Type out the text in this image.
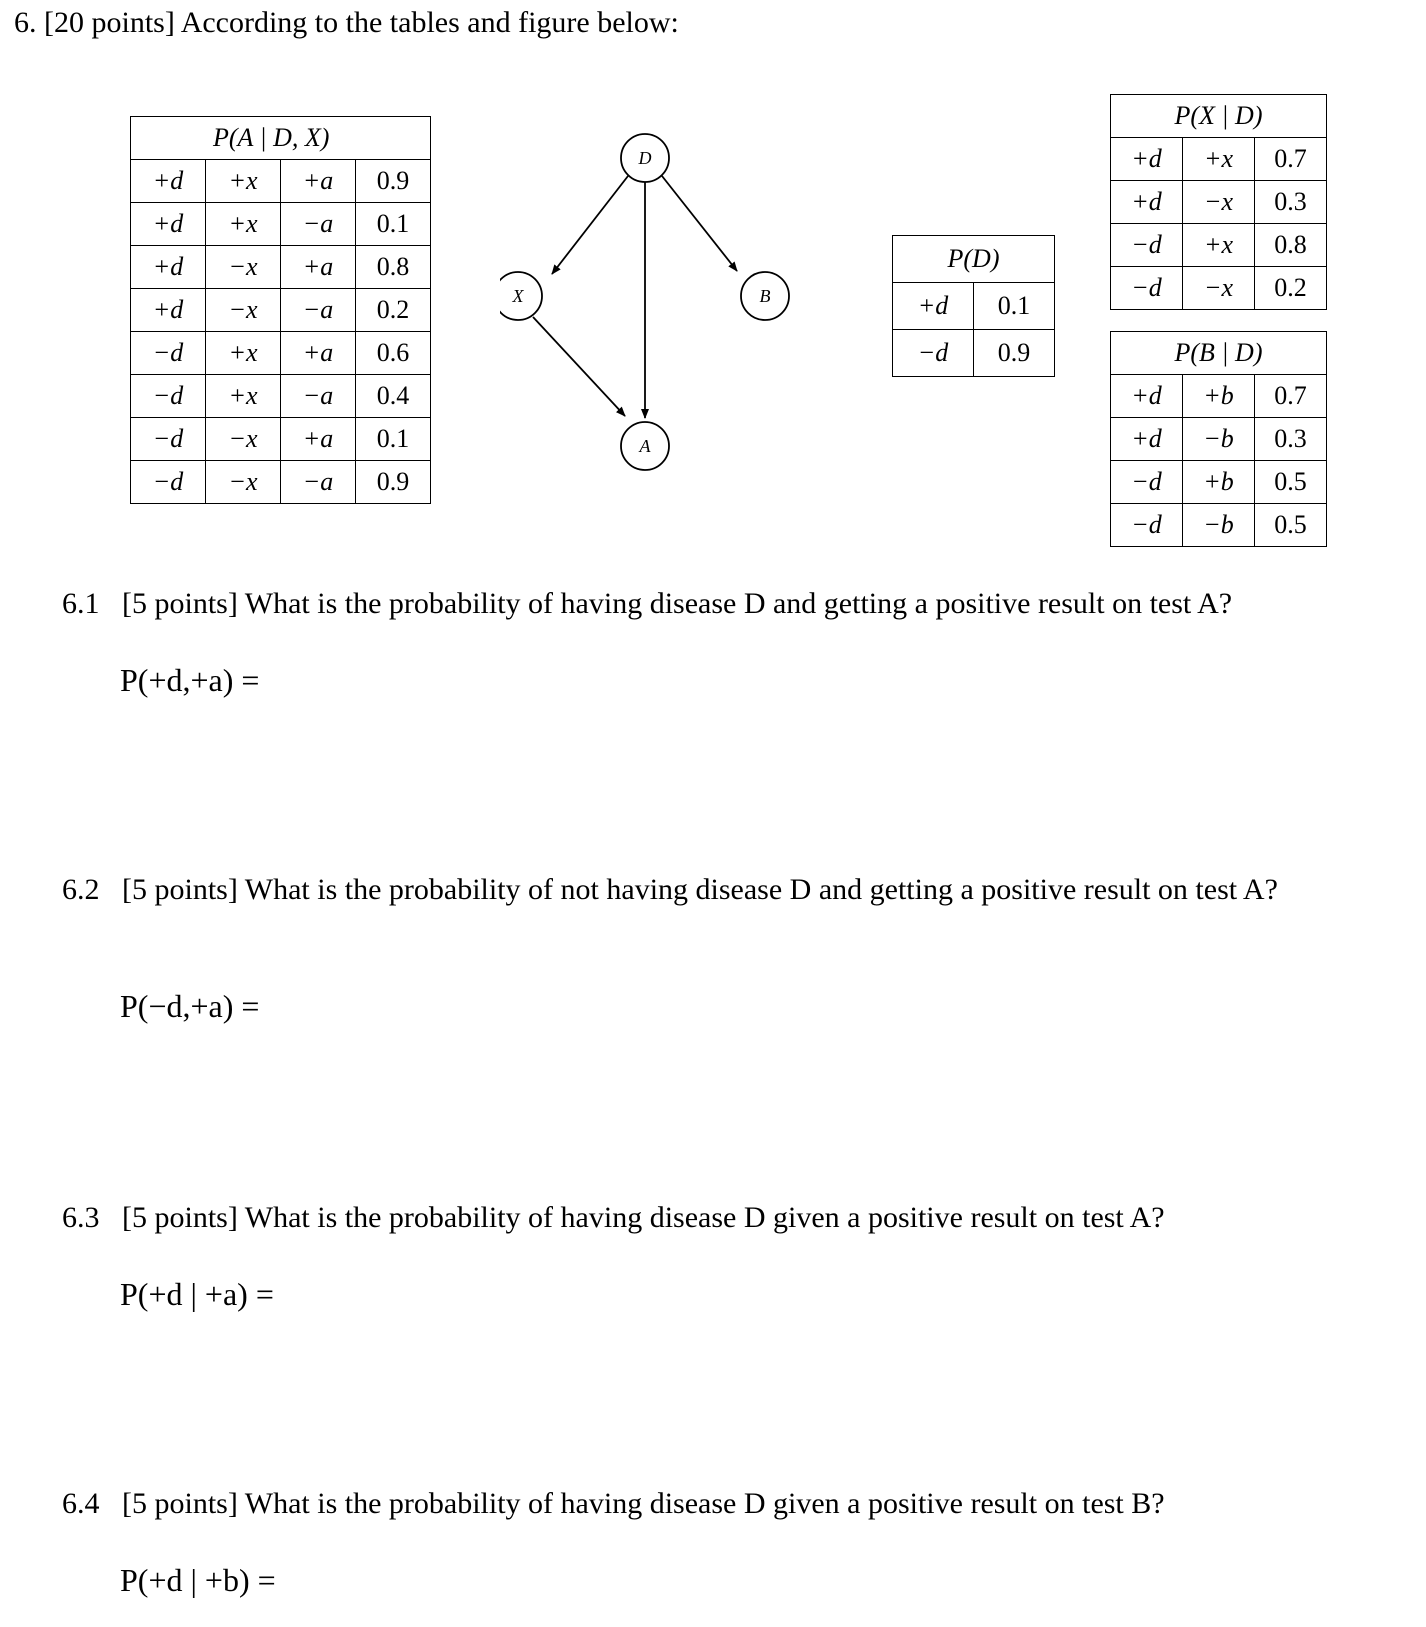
6. [20 points] According to the tables and figure below:
P(A | D, X)			
+d	+x	+a	0.9
+d	+x	−a	0.1
+d	−x	+a	0.8
+d	−x	−a	0.2
−d	+x	+a	0.6
−d	+x	−a	0.4
−d	−x	+a	0.1
−d	−x	−a	0.9
D
X	B
A
P(D)	
+d	0.1
−d	0.9
P(X | D)		
+d	+x	0.7
+d	−x	0.3
−d	+x	0.8
−d	−x	0.2
P(B | D)		
+d	+b	0.7
+d	−b	0.3
−d	+b	0.5
−d	−b	0.5
6.1 [5 points] What is the probability of having disease D and getting a positive result on test A?
P(+d,+a) =
6.2 [5 points] What is the probability of not having disease D and getting a positive result on test A?
P(−d,+a) =
6.3 [5 points] What is the probability of having disease D given a positive result on test A?
P(+d | +a) =
6.4 [5 points] What is the probability of having disease D given a positive result on test B?
P(+d | +b) =
